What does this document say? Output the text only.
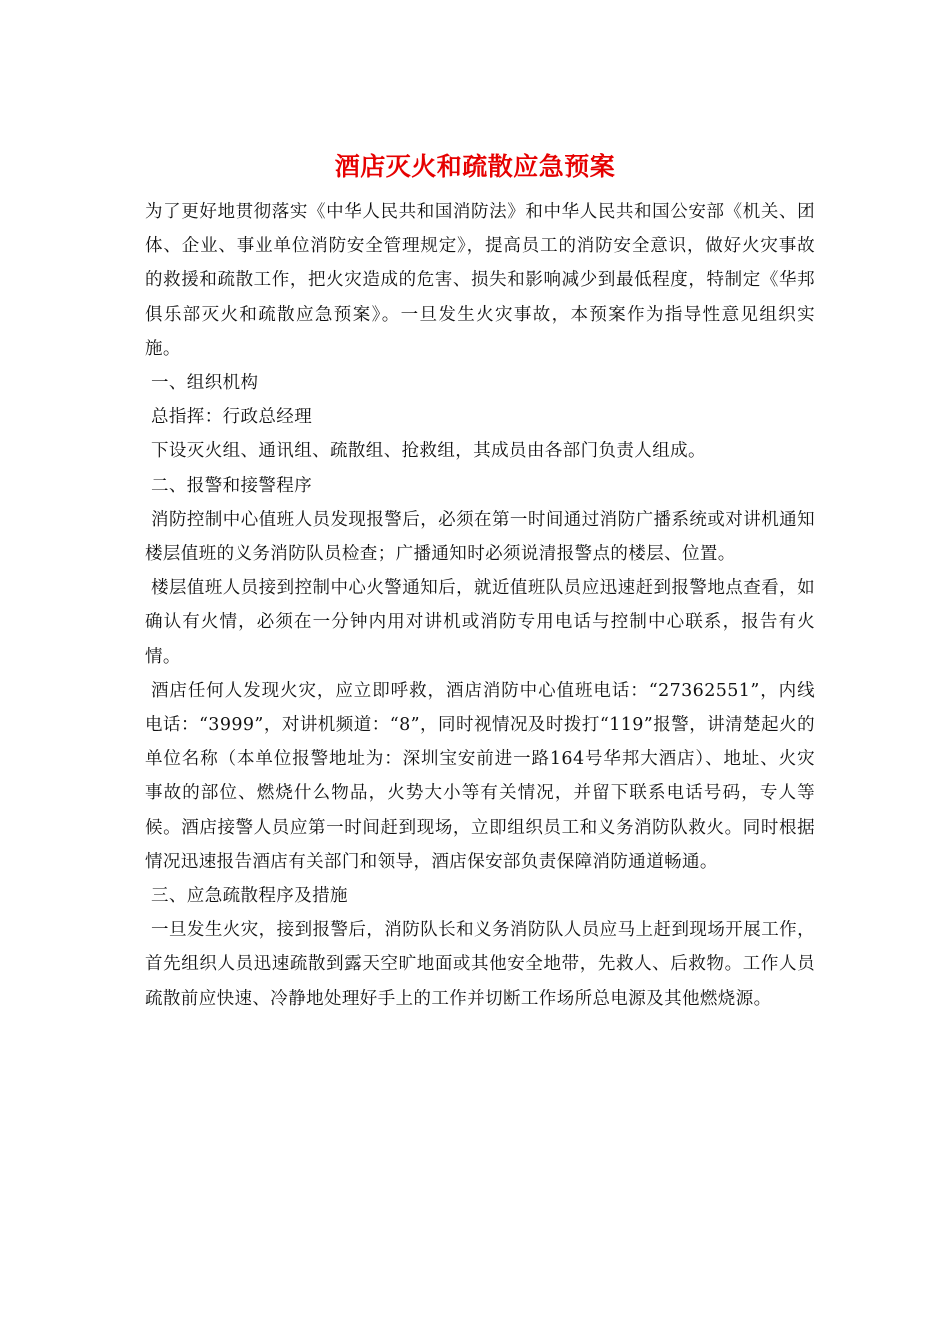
酒店灭火和疏散应急预案

为了更好地贯彻落实《中华人民共和国消防法》和中华人民共和国公安部《机关、团体、企业、事业单位消防安全管理规定》，提高员工的消防安全意识，做好火灾事故的救援和疏散工作，把火灾造成的危害、损失和影响减少到最低程度，特制定《华邦俱乐部灭火和疏散应急预案》。一旦发生火灾事故，本预案作为指导性意见组织实施。

一、组织机构

总指挥：行政总经理

下设灭火组、通讯组、疏散组、抢救组，其成员由各部门负责人组成。

二、报警和接警程序

消防控制中心值班人员发现报警后，必须在第一时间通过消防广播系统或对讲机通知楼层值班的义务消防队员检查；广播通知时必须说清报警点的楼层、位置。

楼层值班人员接到控制中心火警通知后，就近值班队员应迅速赶到报警地点查看，如确认有火情，必须在一分钟内用对讲机或消防专用电话与控制中心联系，报告有火情。

酒店任何人发现火灾，应立即呼救，酒店消防中心值班电话：“27362551”，内线电话：“3999”，对讲机频道：“8”，同时视情况及时拨打“119”报警，讲清楚起火的单位名称（本单位报警地址为：深圳宝安前进一路164号华邦大酒店）、地址、火灾事故的部位、燃烧什么物品，火势大小等有关情况，并留下联系电话号码，专人等候。酒店接警人员应第一时间赶到现场，立即组织员工和义务消防队救火。同时根据情况迅速报告酒店有关部门和领导，酒店保安部负责保障消防通道畅通。

三、应急疏散程序及措施

一旦发生火灾，接到报警后，消防队长和义务消防队人员应马上赶到现场开展工作，首先组织人员迅速疏散到露天空旷地面或其他安全地带，先救人、后救物。工作人员疏散前应快速、冷静地处理好手上的工作并切断工作场所总电源及其他燃烧源。
